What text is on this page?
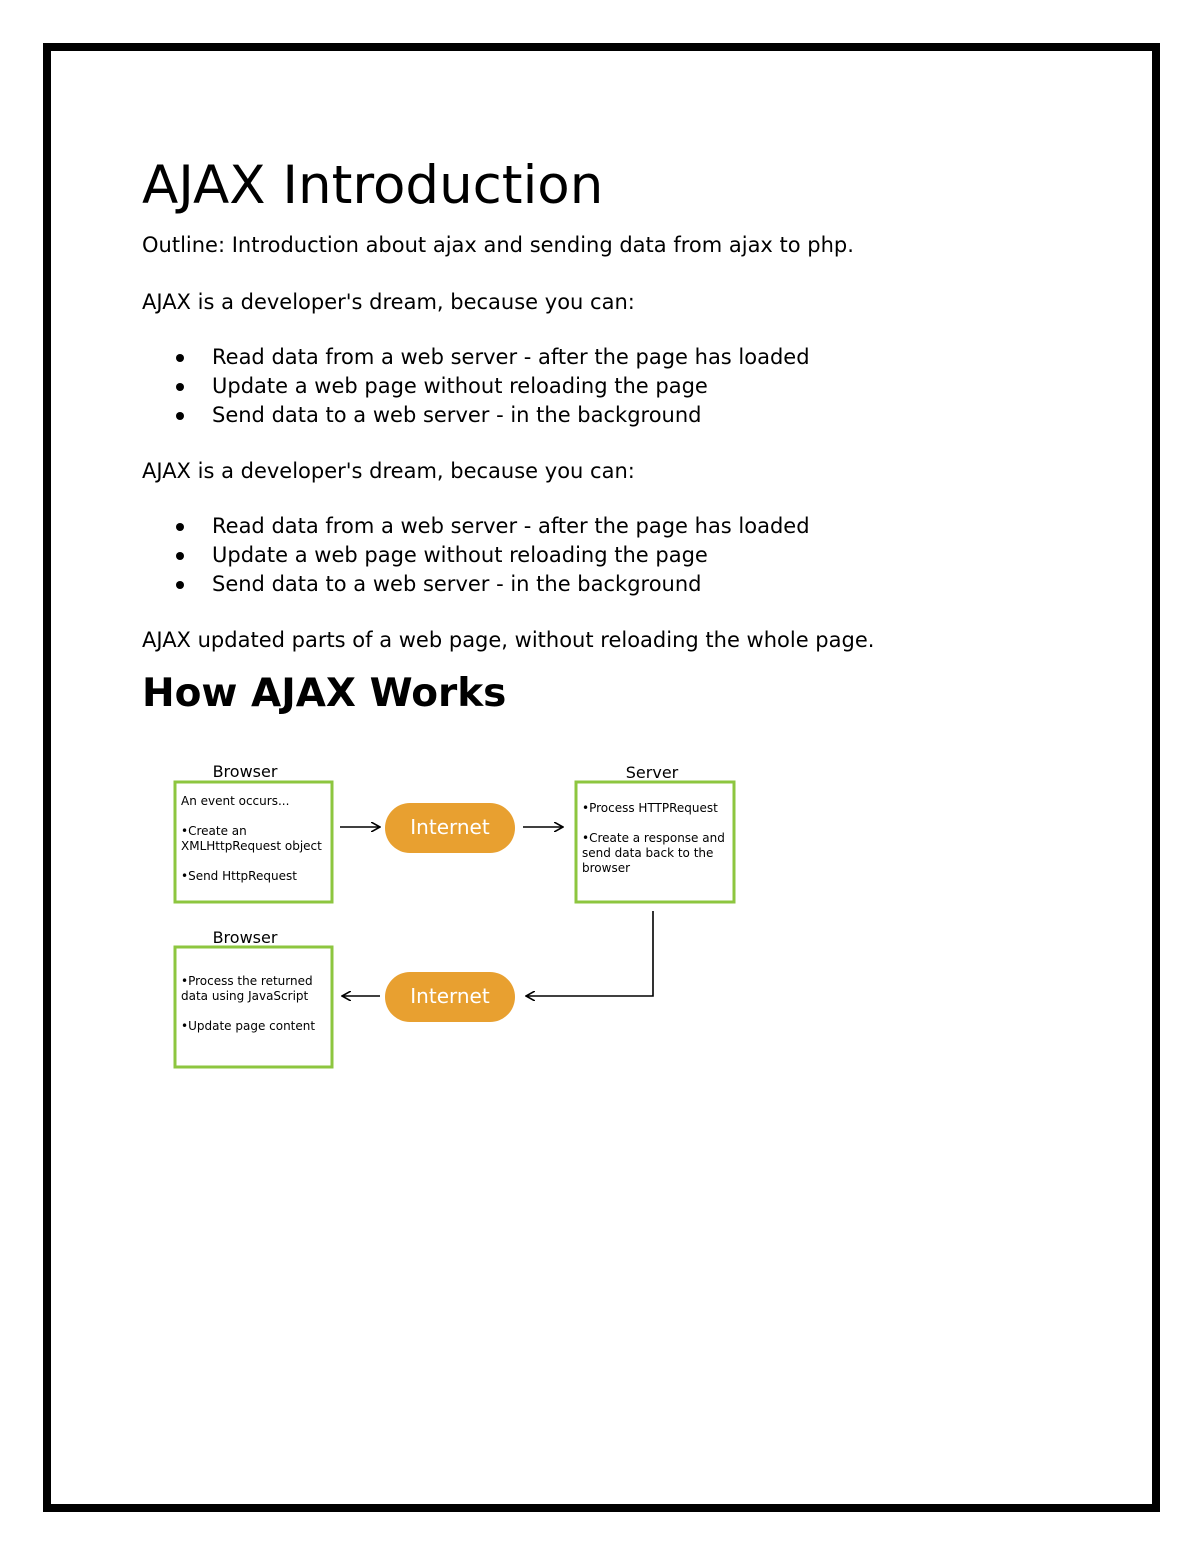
AJAX Introduction

Outline: Introduction about ajax and sending data from ajax to php.

AJAX is a developer's dream, because you can:

Read data from a web server - after the page has loaded
Update a web page without reloading the page
Send data to a web server - in the background

AJAX is a developer's dream, because you can:

Read data from a web server - after the page has loaded
Update a web page without reloading the page
Send data to a web server - in the background

AJAX updated parts of a web page, without reloading the whole page.

How AJAX Works
Browser
An event occurs...
•Create an
XMLHttpRequest object
•Send HttpRequest
Internet
Server
•Process HTTPRequest
•Create a response and
send data back to the
browser
Internet
Browser
•Process the returned
data using JavaScript
•Update page content
